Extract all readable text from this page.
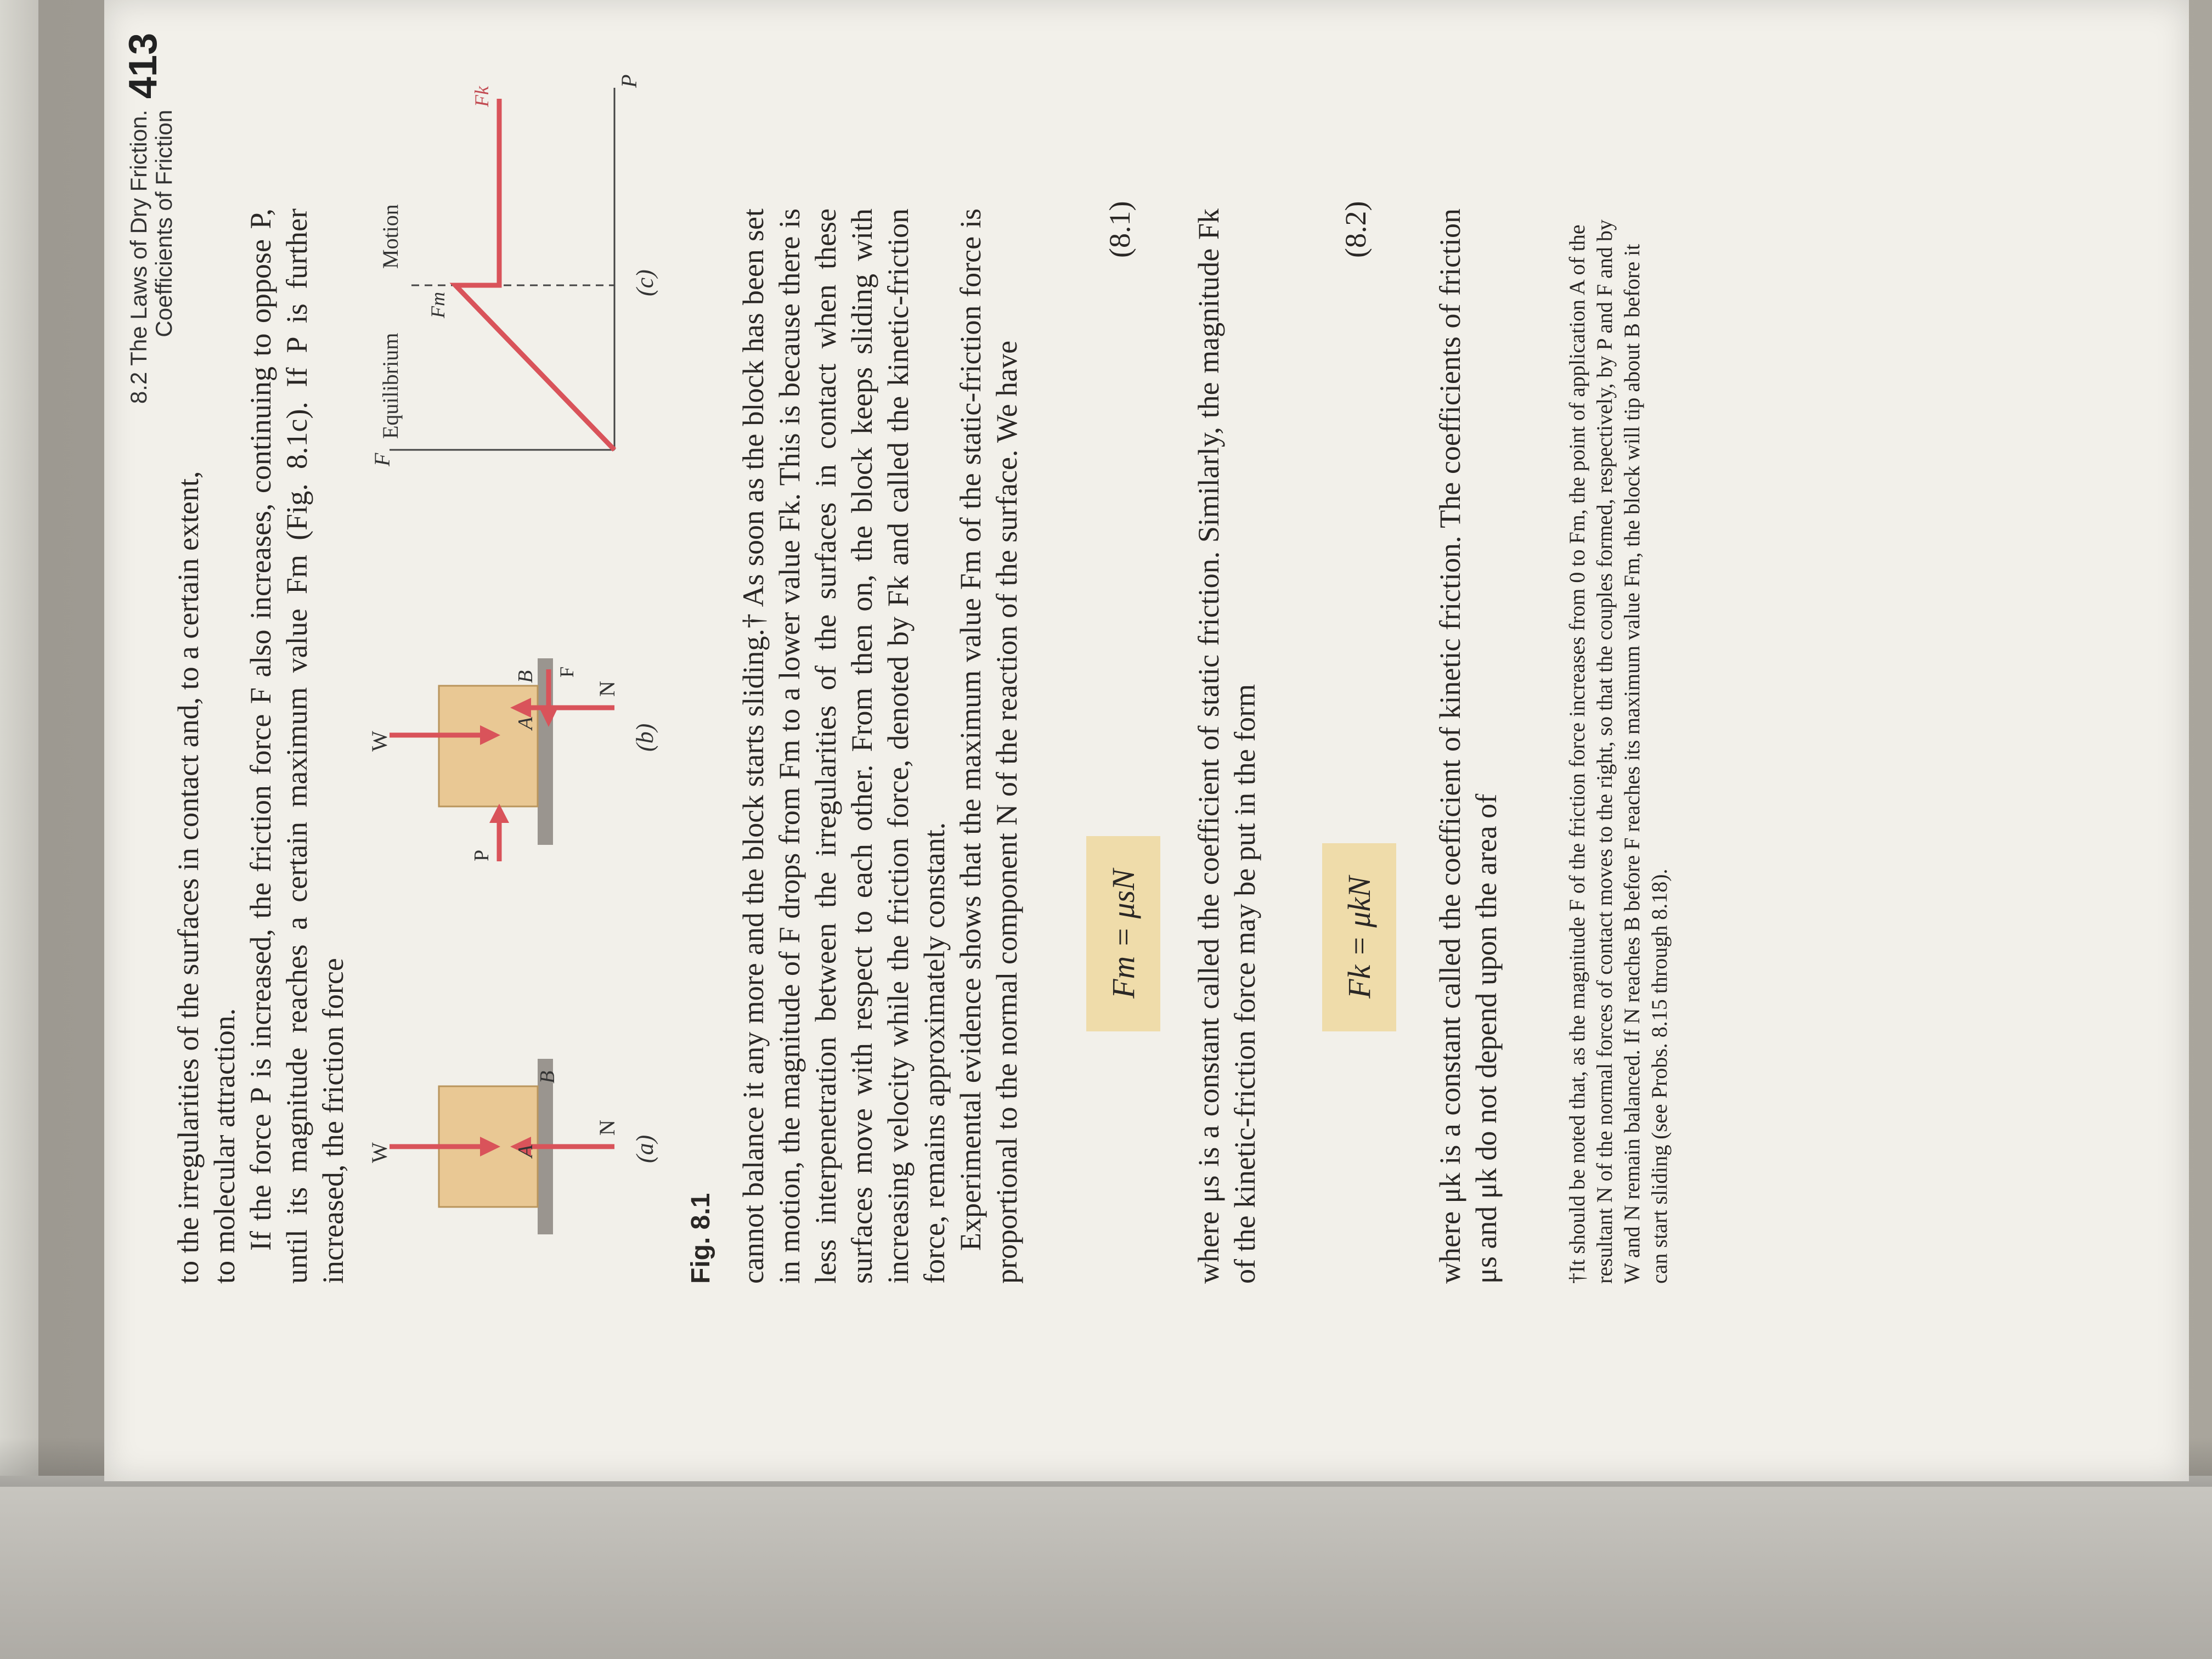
413
8.2 The Laws of Dry Friction. Coefficients of Friction

to the irregularities of the surfaces in contact and, to a certain extent, to molecular attraction. If the force P is increased, the friction force F also increases, continuing to oppose P, until its magnitude reaches a certain maximum value Fm (Fig. 8.1c). If P is further increased, the friction force W
N
A
B
(a)
W
P
N
F
A
B
(b)
F
P
Equilibrium
Motion
Fm
Fk
(c)
Fig. 8.1 cannot balance it any more and the block starts sliding.† As soon as the block has been set in motion, the magnitude of F drops from Fm to a lower value Fk. This is because there is less interpenetration between the irregularities of the surfaces in contact when these surfaces move with respect to each other. From then on, the block keeps sliding with increasing velocity while the friction force, denoted by Fk and called the kinetic-friction force, remains approximately constant. Experimental evidence shows that the maximum value Fm of the static-friction force is proportional to the normal component N of the reaction of the surface. We have	Fm = μsN
(8.1) where μs is a constant called the coefficient of static friction. Similarly, the magnitude Fk of the kinetic-friction force may be put in the form	Fk = μkN
(8.2) where μk is a constant called the coefficient of kinetic friction. The coefficients of friction μs and μk do not depend upon the area of	†It should be noted that, as the magnitude F of the friction force increases from 0 to Fm, the point of application A of the resultant N of the normal forces of contact moves to the right, so that the couples formed, respectively, by P and F and by W and N remain balanced. If N reaches B before F reaches its maximum value Fm, the block will tip about B before it can start sliding (see Probs. 8.15 through 8.18).
